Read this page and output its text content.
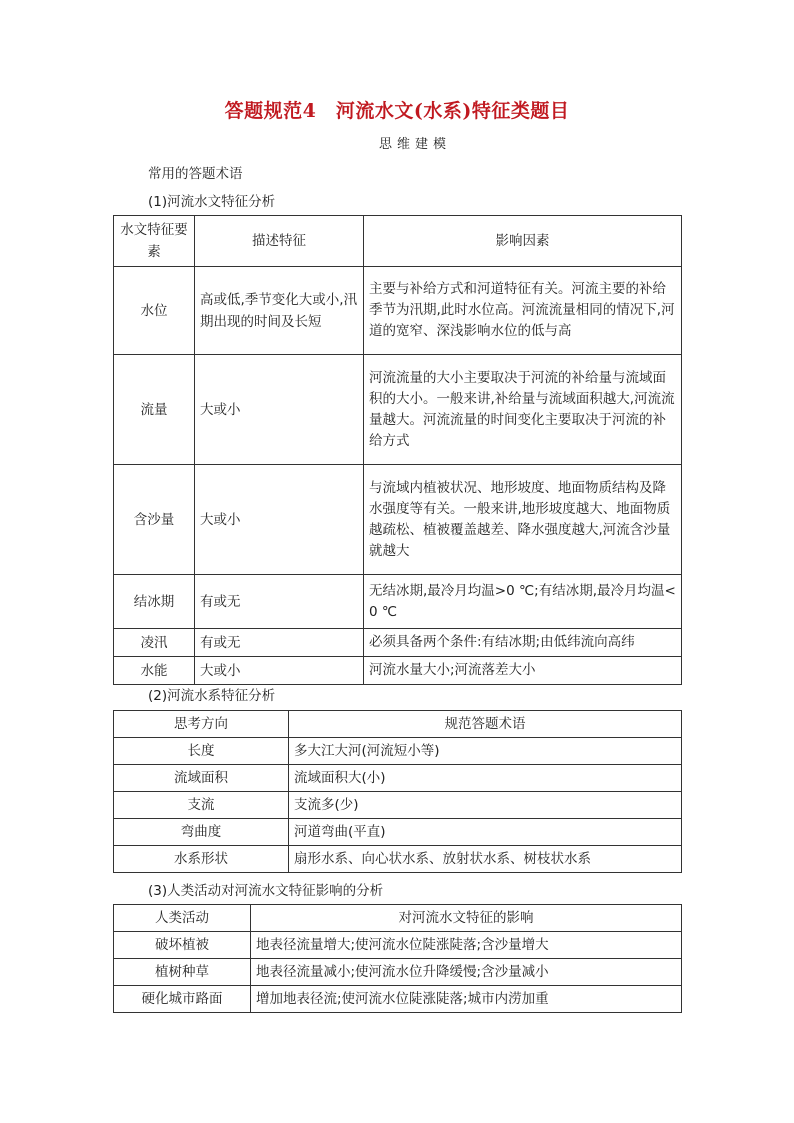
答题规范4　河流水文(水系)特征类题目
思维建模
常用的答题术语
(1)河流水文特征分析
水文特征要素	描述特征	影响因素
水位	高或低,季节变化大或小,汛期出现的时间及长短	主要与补给方式和河道特征有关。河流主要的补给季节为汛期,此时水位高。河流流量相同的情况下,河道的宽窄、深浅影响水位的低与高
流量	大或小	河流流量的大小主要取决于河流的补给量与流域面积的大小。一般来讲,补给量与流域面积越大,河流流量越大。河流流量的时间变化主要取决于河流的补给方式
含沙量	大或小	与流域内植被状况、地形坡度、地面物质结构及降水强度等有关。一般来讲,地形坡度越大、地面物质越疏松、植被覆盖越差、降水强度越大,河流含沙量就越大
结冰期	有或无	无结冰期,最冷月均温>0 ℃;有结冰期,最冷月均温<0 ℃
凌汛	有或无	必须具备两个条件:有结冰期;由低纬流向高纬
水能	大或小	河流水量大小;河流落差大小
(2)河流水系特征分析
思考方向	规范答题术语
长度	多大江大河(河流短小等)
流域面积	流域面积大(小)
支流	支流多(少)
弯曲度	河道弯曲(平直)
水系形状	扇形水系、向心状水系、放射状水系、树枝状水系
(3)人类活动对河流水文特征影响的分析
人类活动	对河流水文特征的影响
破坏植被	地表径流量增大;使河流水位陡涨陡落;含沙量增大
植树种草	地表径流量减小;使河流水位升降缓慢;含沙量减小
硬化城市路面	增加地表径流;使河流水位陡涨陡落;城市内涝加重
